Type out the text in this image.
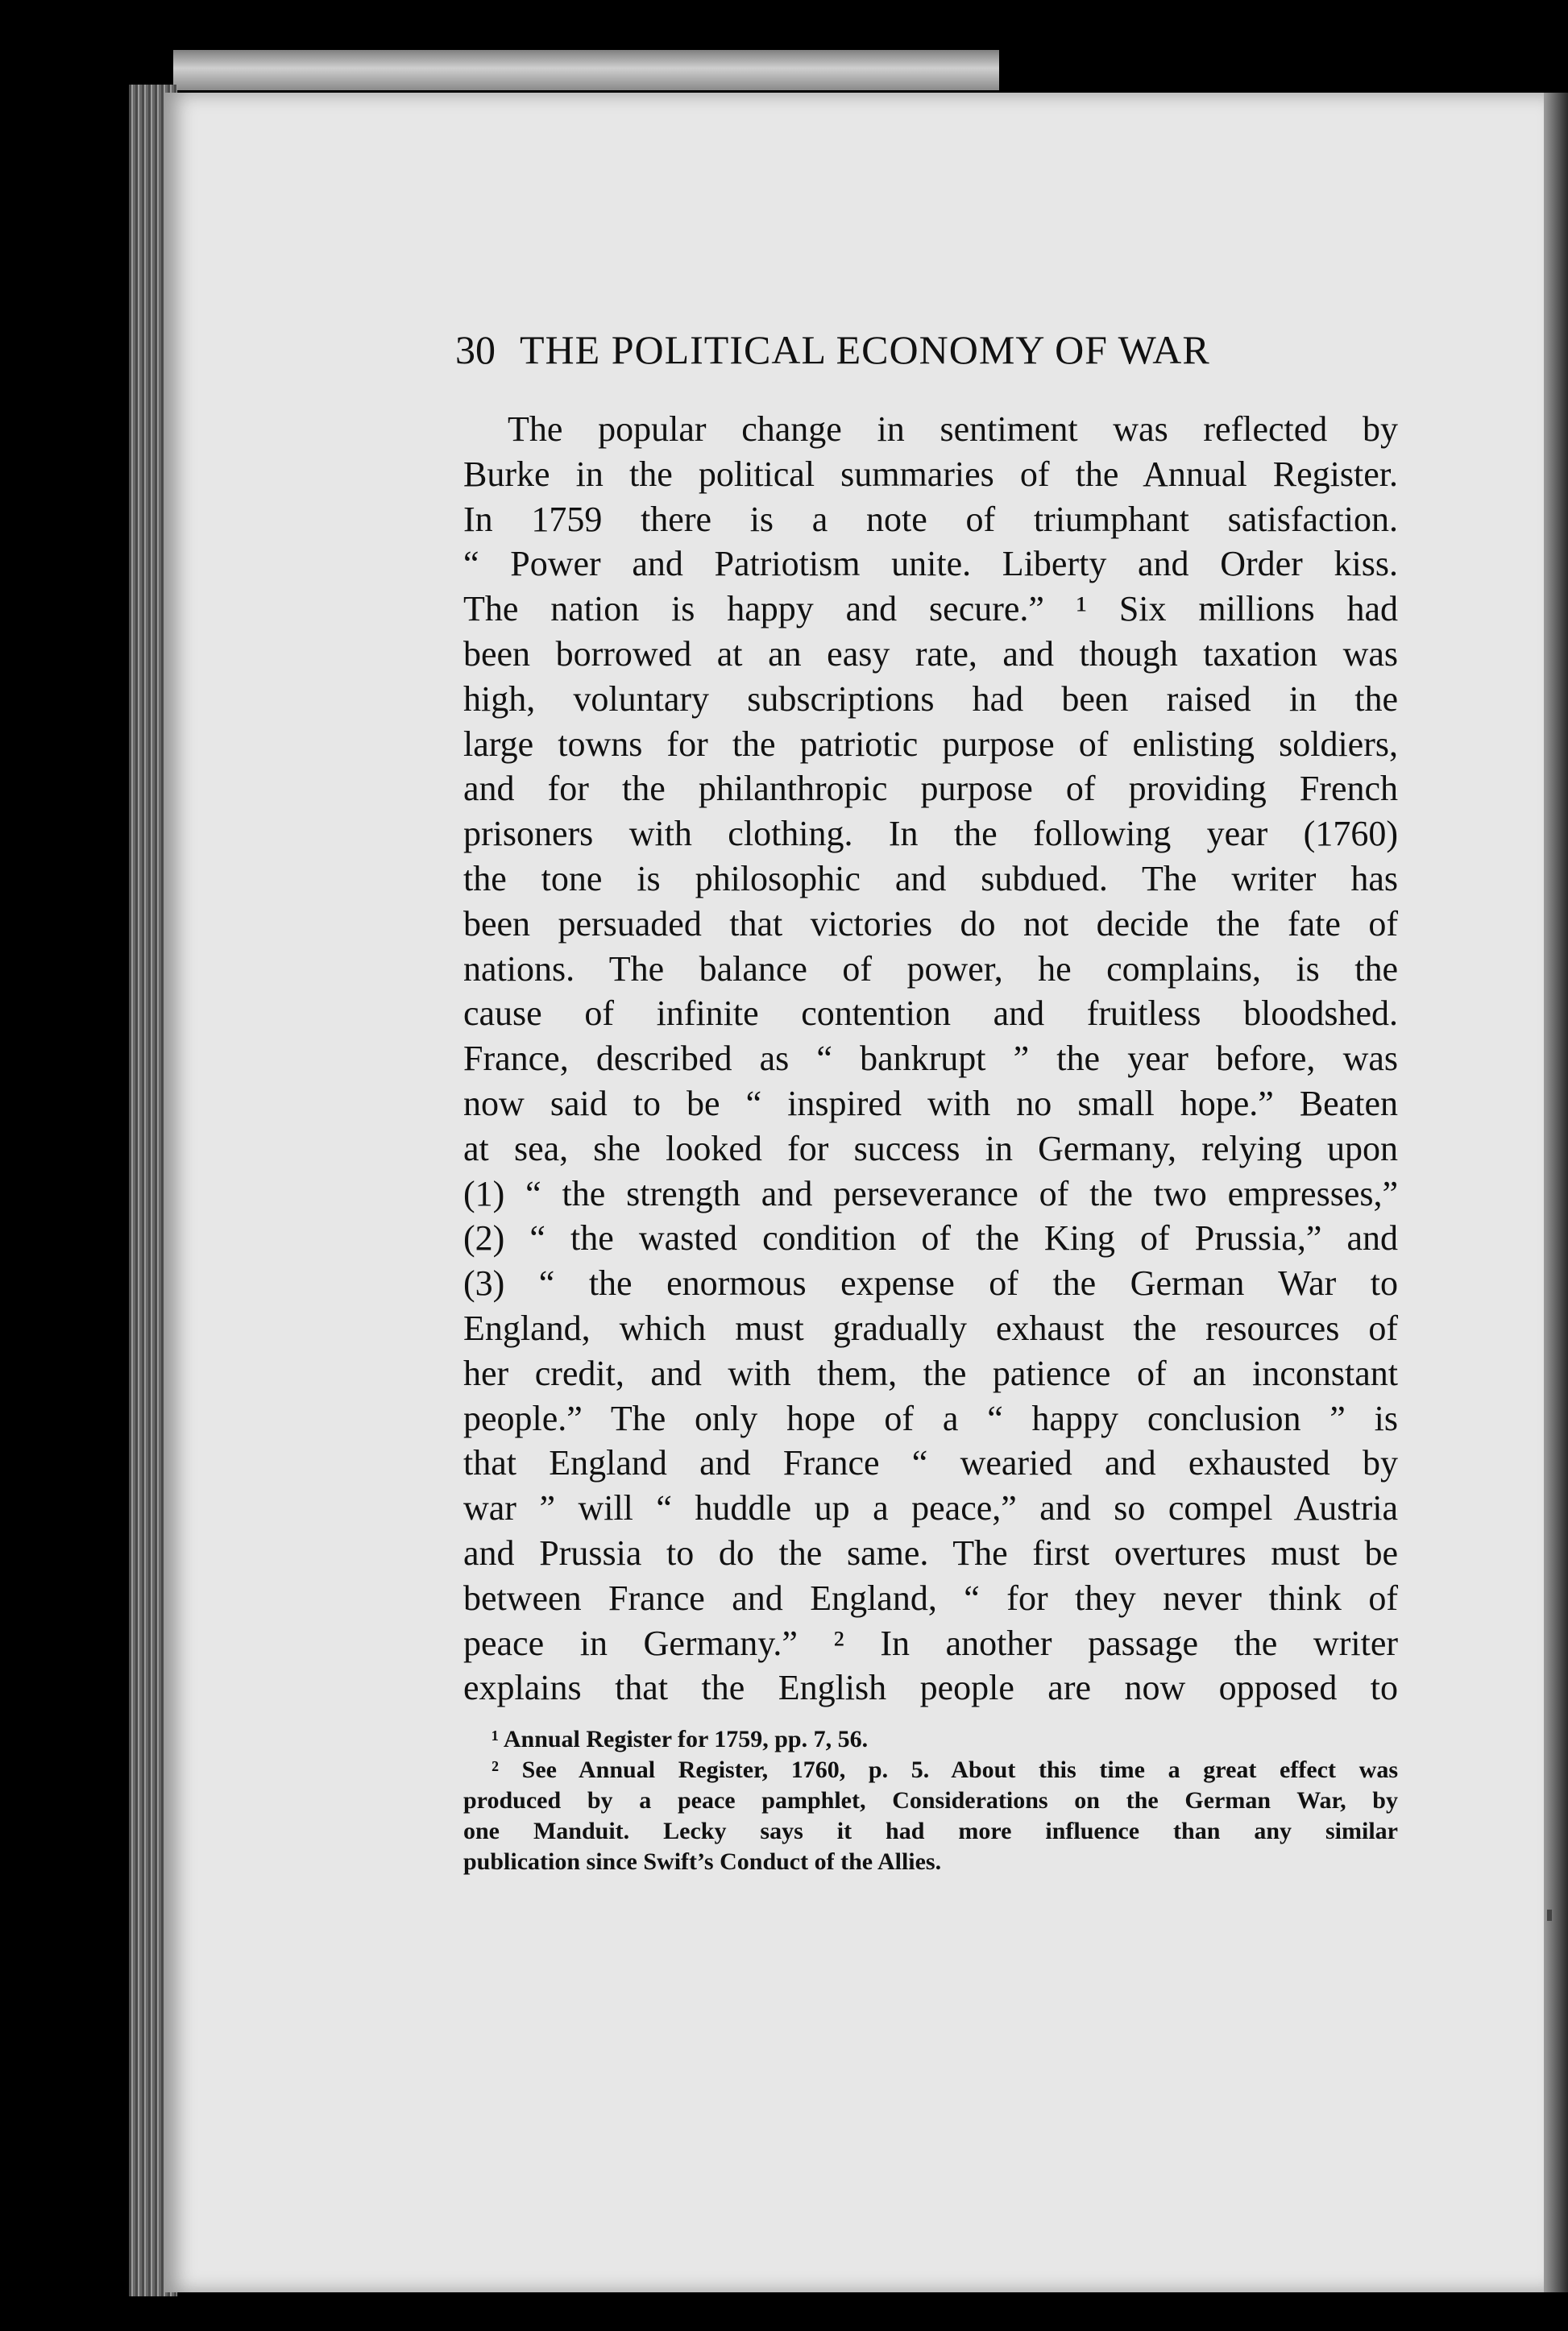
30 THE POLITICAL ECONOMY OF WAR
The popular change in sentiment was reflected by
Burke in the political summaries of the Annual Register.
In 1759 there is a note of triumphant satisfaction.
“ Power and Patriotism unite. Liberty and Order kiss.
The nation is happy and secure.” ¹ Six millions had
been borrowed at an easy rate, and though taxation was
high, voluntary subscriptions had been raised in the
large towns for the patriotic purpose of enlisting soldiers,
and for the philanthropic purpose of providing French
prisoners with clothing. In the following year (1760)
the tone is philosophic and subdued. The writer has
been persuaded that victories do not decide the fate of
nations. The balance of power, he complains, is the
cause of infinite contention and fruitless bloodshed.
France, described as “ bankrupt ” the year before, was
now said to be “ inspired with no small hope.” Beaten
at sea, she looked for success in Germany, relying upon
(1) “ the strength and perseverance of the two empresses,”
(2) “ the wasted condition of the King of Prussia,” and
(3) “ the enormous expense of the German War to
England, which must gradually exhaust the resources of
her credit, and with them, the patience of an inconstant
people.” The only hope of a “ happy conclusion ” is
that England and France “ wearied and exhausted by
war ” will “ huddle up a peace,” and so compel Austria
and Prussia to do the same. The first overtures must be
between France and England, “ for they never think of
peace in Germany.” ² In another passage the writer
explains that the English people are now opposed to
¹ Annual Register for 1759, pp. 7, 56.
² See Annual Register, 1760, p. 5. About this time a great effect was
produced by a peace pamphlet, Considerations on the German War, by
one Manduit. Lecky says it had more influence than any similar
publication since Swift’s Conduct of the Allies.
